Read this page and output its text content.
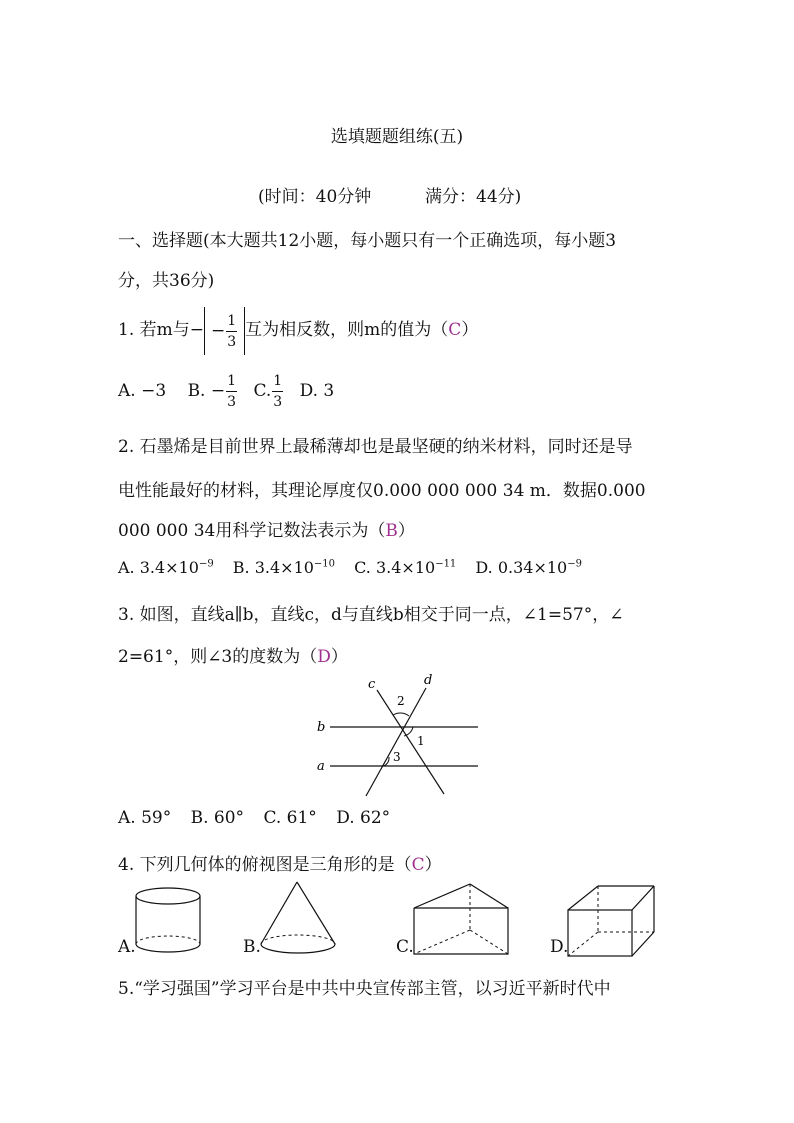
选填题题组练(五)
(时间：40分钟	满分：44分)
一、选择题(本大题共12小题，每小题只有一个正确选项，每小题3
分，共36分)
1. 若m与− − $\frac{1}{3}$ 互为相反数，则m的值为（C）
A. −3 B. − $\frac{1}{3} C$. $\frac{1}{3} D$. 3
2. 石墨烯是目前世界上最稀薄却也是最坚硬的纳米材料，同时还是导
电性能最好的材料，其理论厚度仅0.000 000 000 34 m．数据0.000
000 000 34用科学记数法表示为（B）
A. $3.4\times 10^{-9}$ B. $3.4\times 10^{-10}$ C. $3.4\times 10^{-11}$ D. $0.34\times 10^{-9}$
3. 如图，直线a∥b，直线c，d与直线b相交于同一点，∠1=57°，∠
2=61°，则∠3的度数为（D）
c	d
b
a
2
1
3
A. 59° B. 60° C. 61° D. 62°
4. 下列几何体的俯视图是三角形的是（C）
A.	B.	C.	D.
5.“学习强国”学习平台是中共中央宣传部主管，以习近平新时代中
